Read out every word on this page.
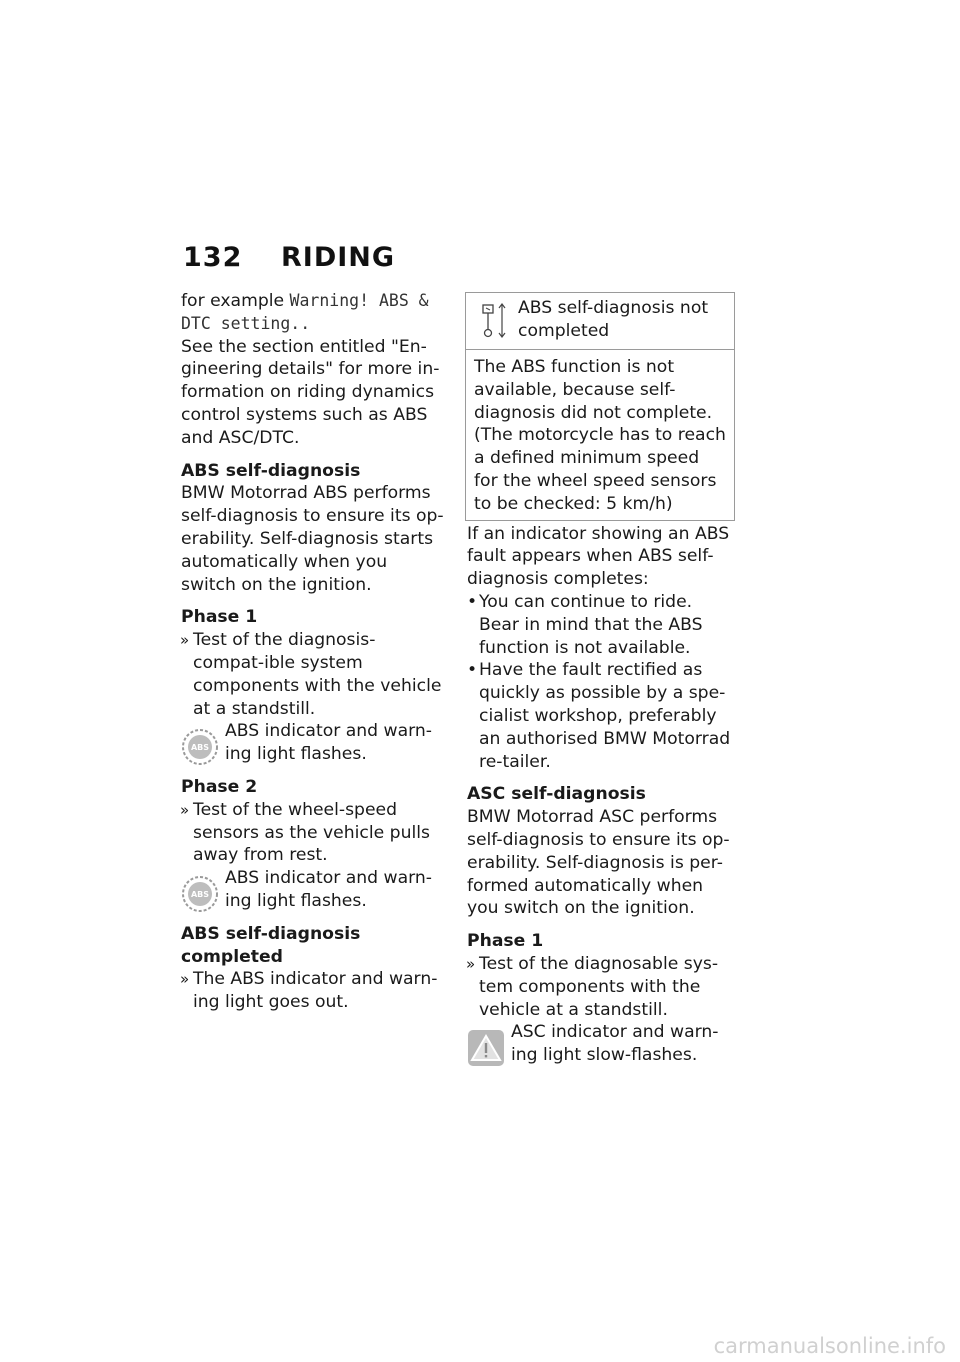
132 RIDING

for example Warning! ABS & DTC setting..
See the section entitled "En-gineering details" for more in-formation on riding dynamics control systems such as ABS and ASC/DTC.

ABS self-diagnosis

BMW Motorrad ABS performs self-diagnosis to ensure its op-erability. Self-diagnosis starts automatically when you switch on the ignition.

Phase 1
» Test of the diagnosis-compat-ible system components with the vehicle at a standstill.
ABS
ABS indicator and warn-ing light flashes.
Phase 2
» Test of the wheel-speed sensors as the vehicle pulls away from rest.
ABS
ABS indicator and warn-ing light flashes.
ABS self-diagnosis completed
» The ABS indicator and warn-ing light goes out.
ABS self-diagnosis not completed
The ABS function is not available, because self-diagnosis did not complete. (The motorcycle has to reach a defined minimum speed for the wheel speed sensors to be checked: 5 km/h)

If an indicator showing an ABS fault appears when ABS self-diagnosis completes:

• You can continue to ride. Bear in mind that the ABS function is not available.
• Have the fault rectified as quickly as possible by a spe-cialist workshop, preferably an authorised BMW Motorrad re-tailer.
ASC self-diagnosis

BMW Motorrad ASC performs self-diagnosis to ensure its op-erability. Self-diagnosis is per-formed automatically when you switch on the ignition.

Phase 1
» Test of the diagnosable sys-tem components with the vehicle at a standstill.
ASC indicator and warn-ing light slow-flashes.
carmanualsonline.info
